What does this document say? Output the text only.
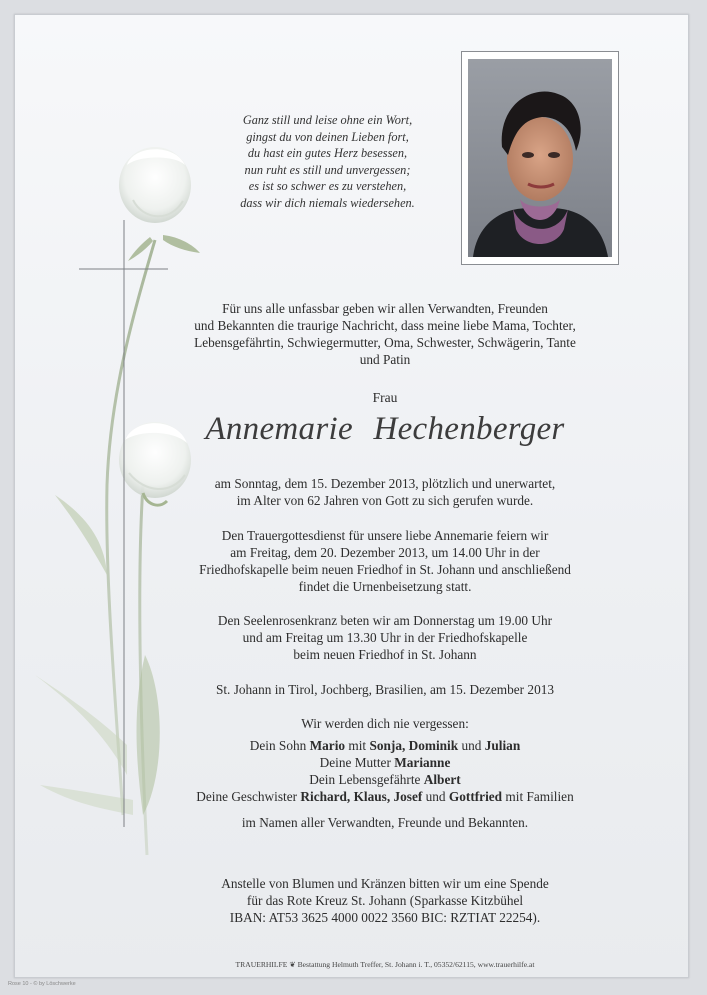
Ganz still und leise ohne ein Wort,
gingst du von deinen Lieben fort,
du hast ein gutes Herz besessen,
nun ruht es still und unvergessen;
es ist so schwer es zu verstehen,
dass wir dich niemals wiedersehen.
Für uns alle unfassbar geben wir allen Verwandten, Freunden
und Bekannten die traurige Nachricht, dass meine liebe Mama, Tochter,
Lebensgefährtin, Schwiegermutter, Oma, Schwester, Schwägerin, Tante
und Patin
Frau
Annemarie Hechenberger
am Sonntag, dem 15. Dezember 2013, plötzlich und unerwartet,
im Alter von 62 Jahren von Gott zu sich gerufen wurde.
Den Trauergottesdienst für unsere liebe Annemarie feiern wir
am Freitag, dem 20. Dezember 2013, um 14.00 Uhr in der
Friedhofskapelle beim neuen Friedhof in St. Johann und anschließend
findet die Urnenbeisetzung statt.
Den Seelenrosenkranz beten wir am Donnerstag um 19.00 Uhr
und am Freitag um 13.30 Uhr in der Friedhofskapelle
beim neuen Friedhof in St. Johann
St. Johann in Tirol, Jochberg, Brasilien, am 15. Dezember 2013
Wir werden dich nie vergessen:
Dein Sohn Mario mit Sonja, Dominik und Julian
Deine Mutter Marianne
Dein Lebensgefährte Albert
Deine Geschwister Richard, Klaus, Josef und Gottfried mit Familien
im Namen aller Verwandten, Freunde und Bekannten.
Anstelle von Blumen und Kränzen bitten wir um eine Spende
für das Rote Kreuz St. Johann (Sparkasse Kitzbühel
IBAN: AT53 3625 4000 0022 3560 BIC: RZTIAT 22254).
TRAUERHILFE ❦ Bestattung Helmuth Treffer, St. Johann i. T., 05352/62115, www.trauerhilfe.at
Rose 10 - © by Löschwerke
